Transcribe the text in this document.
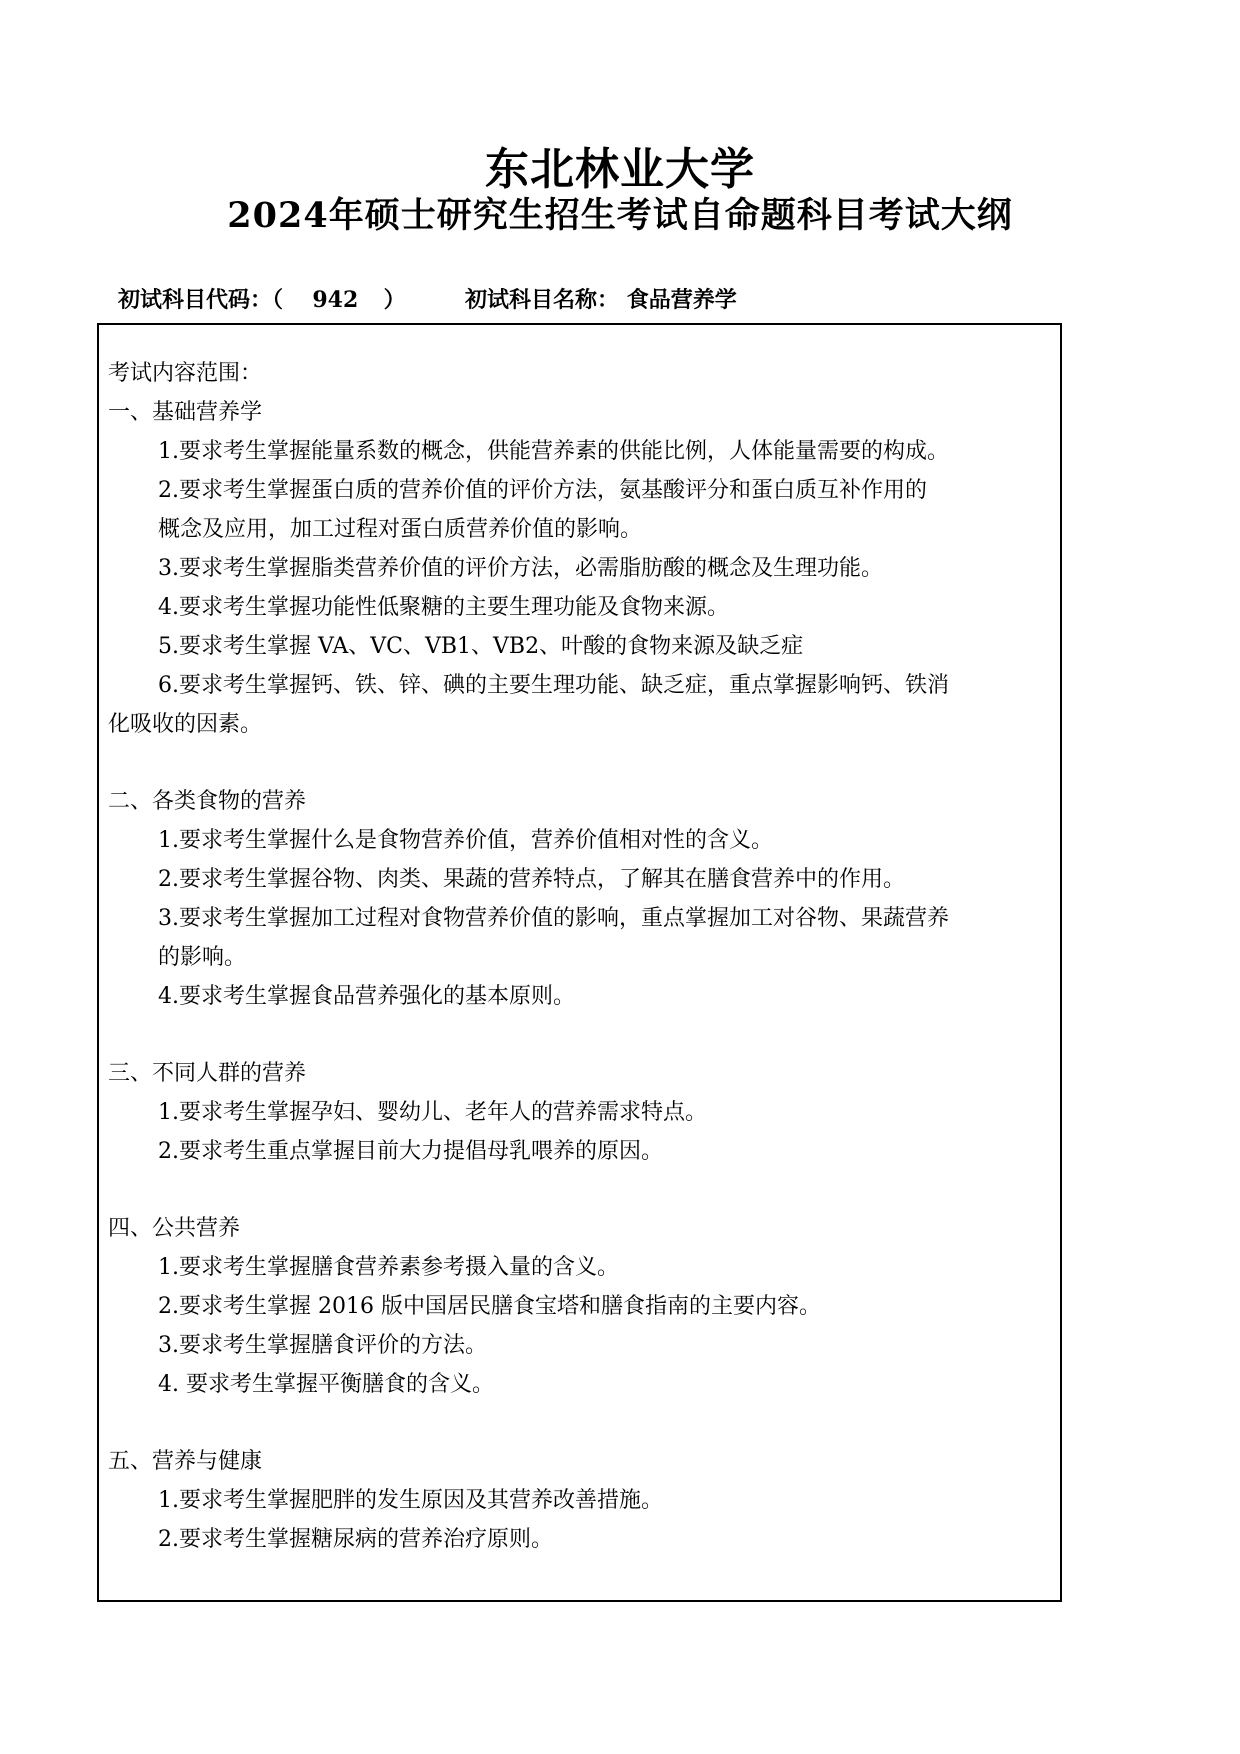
东北林业大学
2024年硕士研究生招生考试自命题科目考试大纲
初试科目代码：（ 942 ）	初试科目名称： 食品营养学

考试内容范围：

一、基础营养学

1.要求考生掌握能量系数的概念，供能营养素的供能比例，人体能量需要的构成。

2.要求考生掌握蛋白质的营养价值的评价方法，氨基酸评分和蛋白质互补作用的

概念及应用，加工过程对蛋白质营养价值的影响。

3.要求考生掌握脂类营养价值的评价方法，必需脂肪酸的概念及生理功能。

4.要求考生掌握功能性低聚糖的主要生理功能及食物来源。

5.要求考生掌握 VA、VC、VB1、VB2、叶酸的食物来源及缺乏症

6.要求考生掌握钙、铁、锌、碘的主要生理功能、缺乏症，重点掌握影响钙、铁消

化吸收的因素。

二、各类食物的营养

1.要求考生掌握什么是食物营养价值，营养价值相对性的含义。

2.要求考生掌握谷物、肉类、果蔬的营养特点，了解其在膳食营养中的作用。

3.要求考生掌握加工过程对食物营养价值的影响，重点掌握加工对谷物、果蔬营养

的影响。

4.要求考生掌握食品营养强化的基本原则。

三、不同人群的营养

1.要求考生掌握孕妇、婴幼儿、老年人的营养需求特点。

2.要求考生重点掌握目前大力提倡母乳喂养的原因。

四、公共营养

1.要求考生掌握膳食营养素参考摄入量的含义。

2.要求考生掌握 2016 版中国居民膳食宝塔和膳食指南的主要内容。

3.要求考生掌握膳食评价的方法。

4. 要求考生掌握平衡膳食的含义。

五、营养与健康

1.要求考生掌握肥胖的发生原因及其营养改善措施。

2.要求考生掌握糖尿病的营养治疗原则。
